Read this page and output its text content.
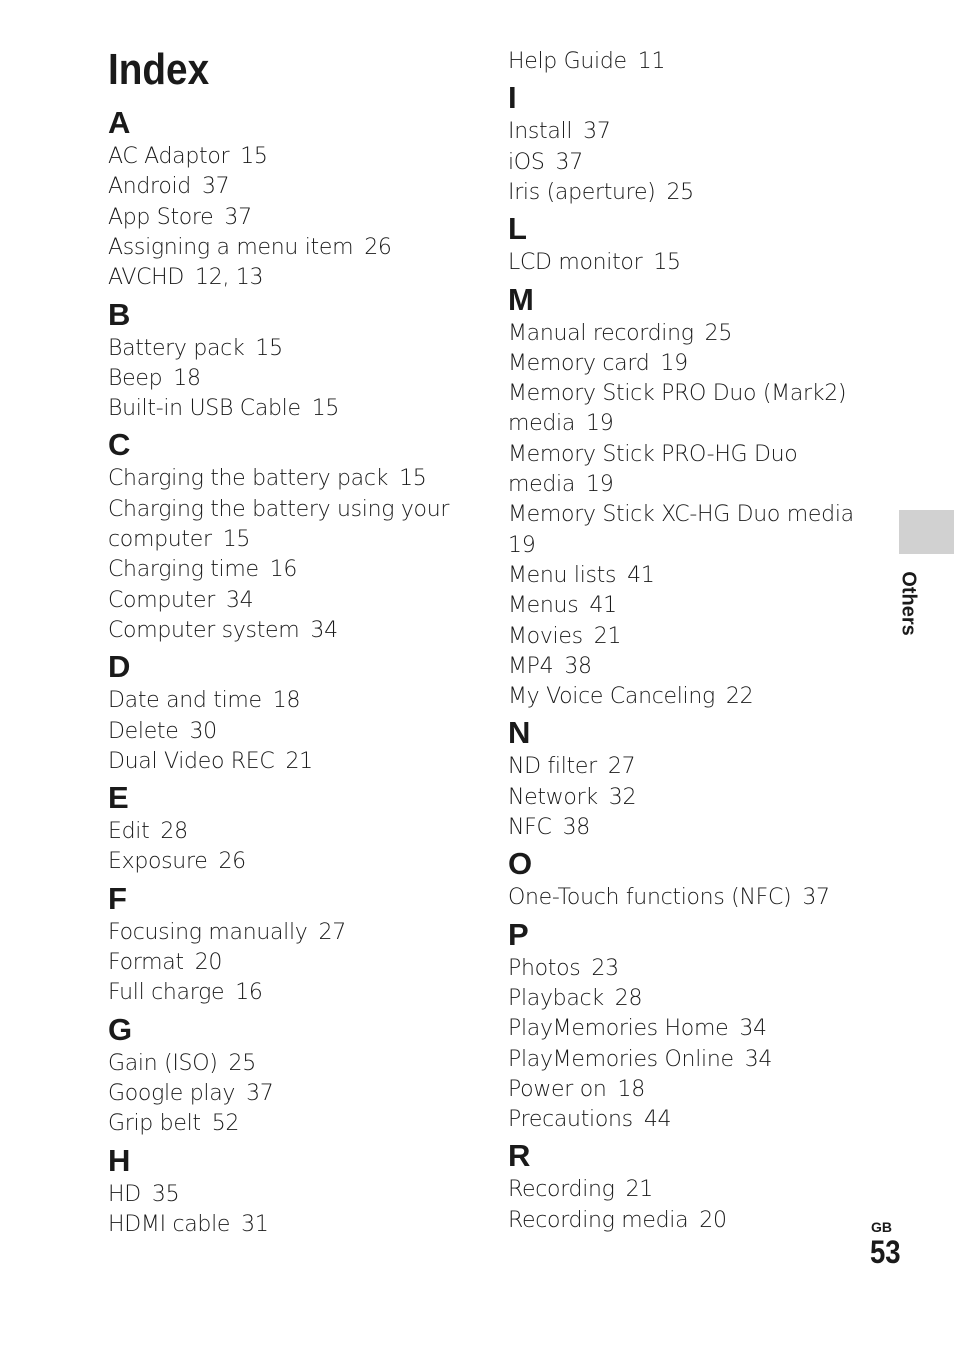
Index
A
AC Adaptor 15
Android 37
App Store 37
Assigning a menu item 26
AVCHD 12, 13
B
Battery pack 15
Beep 18
Built-in USB Cable 15
C
Charging the battery pack 15
Charging the battery using your
computer 15
Charging time 16
Computer 34
Computer system 34
D
Date and time 18
Delete 30
Dual Video REC 21
E
Edit 28
Exposure 26
F
Focusing manually 27
Format 20
Full charge 16
G
Gain (ISO) 25
Google play 37
Grip belt 52
H
HD 35
HDMI cable 31
Help Guide 11
I
Install 37
iOS 37
Iris (aperture) 25
L
LCD monitor 15
M
Manual recording 25
Memory card 19
Memory Stick PRO Duo (Mark2)
media 19
Memory Stick PRO-HG Duo
media 19
Memory Stick XC-HG Duo media
19
Menu lists 41
Menus 41
Movies 21
MP4 38
My Voice Canceling 22
N
ND filter 27
Network 32
NFC 38
O
One-Touch functions (NFC) 37
P
Photos 23
Playback 28
PlayMemories Home 34
PlayMemories Online 34
Power on 18
Precautions 44
R
Recording 21
Recording media 20
Others
GB
53
